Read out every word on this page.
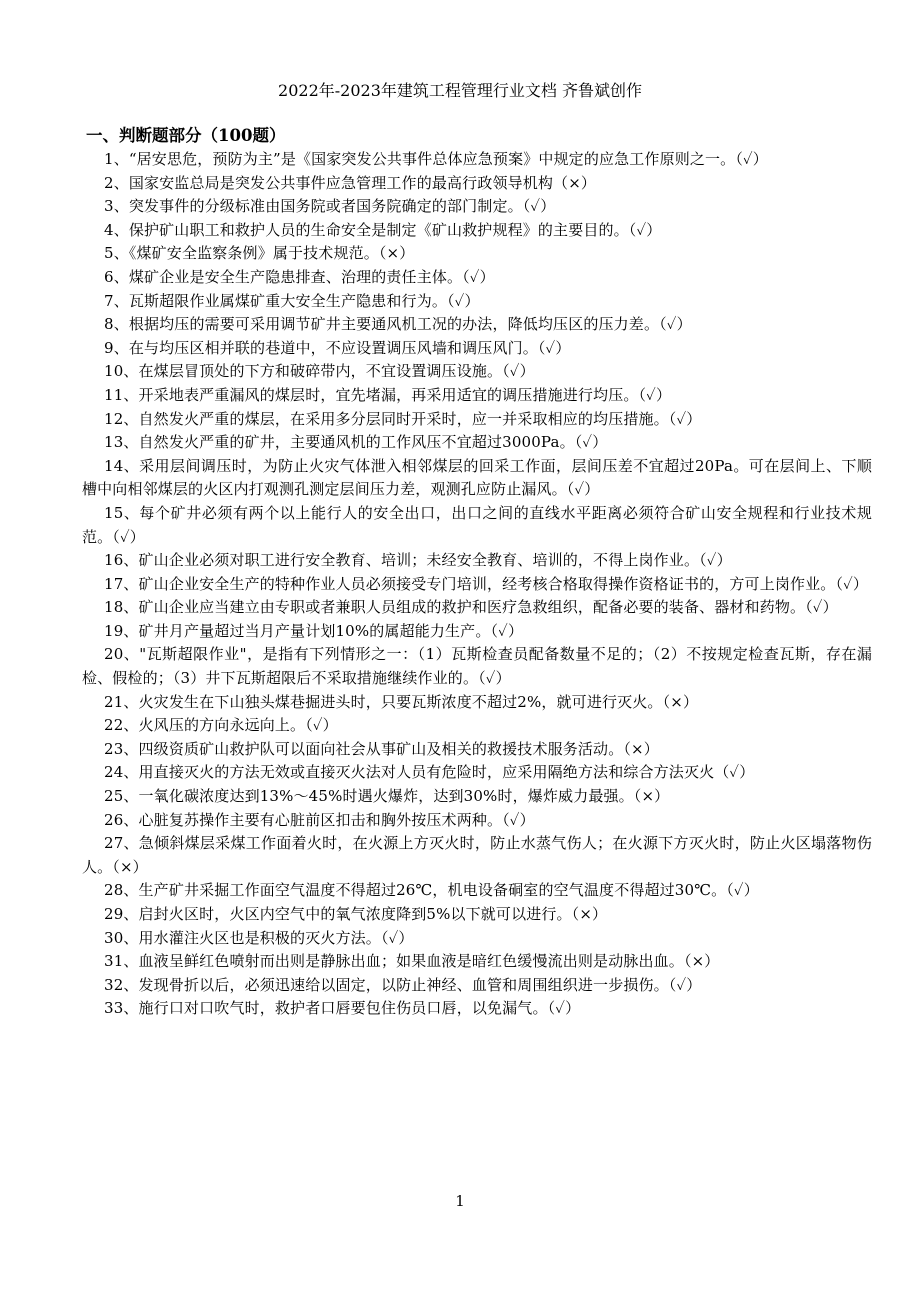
2022年-2023年建筑工程管理行业文档 齐鲁斌创作
一、判断题部分（100题）
1、“居安思危，预防为主”是《国家突发公共事件总体应急预案》中规定的应急工作原则之一。（✓）
2、国家安监总局是突发公共事件应急管理工作的最高行政领导机构（×）
3、突发事件的分级标准由国务院或者国务院确定的部门制定。（✓）
4、保护矿山职工和救护人员的生命安全是制定《矿山救护规程》的主要目的。（✓）
5、《煤矿安全监察条例》属于技术规范。（×）
6、煤矿企业是安全生产隐患排查、治理的责任主体。（✓）
7、瓦斯超限作业属煤矿重大安全生产隐患和行为。（✓）
8、根据均压的需要可采用调节矿井主要通风机工况的办法，降低均压区的压力差。（✓）
9、在与均压区相并联的巷道中，不应设置调压风墙和调压风门。（✓）
10、在煤层冒顶处的下方和破碎带内，不宜设置调压设施。（✓）
11、开采地表严重漏风的煤层时，宜先堵漏，再采用适宜的调压措施进行均压。（✓）
12、自然发火严重的煤层，在采用多分层同时开采时，应一并采取相应的均压措施。（✓）
13、自然发火严重的矿井，主要通风机的工作风压不宜超过3000Pa。（✓）
14、采用层间调压时，为防止火灾气体泄入相邻煤层的回采工作面，层间压差不宜超过20Pa。可在层间上、下顺槽中向相邻煤层的火区内打观测孔测定层间压力差，观测孔应防止漏风。（✓）
15、每个矿井必须有两个以上能行人的安全出口，出口之间的直线水平距离必须符合矿山安全规程和行业技术规范。（✓）
16、矿山企业必须对职工进行安全教育、培训；未经安全教育、培训的，不得上岗作业。（✓）
17、矿山企业安全生产的特种作业人员必须接受专门培训，经考核合格取得操作资格证书的，方可上岗作业。（✓）
18、矿山企业应当建立由专职或者兼职人员组成的救护和医疗急救组织，配备必要的装备、器材和药物。（✓）
19、矿井月产量超过当月产量计划10%的属超能力生产。（✓）
20、"瓦斯超限作业"，是指有下列情形之一：（1）瓦斯检查员配备数量不足的；（2）不按规定检查瓦斯，存在漏检、假检的；（3）井下瓦斯超限后不采取措施继续作业的。（✓）
21、火灾发生在下山独头煤巷掘进头时，只要瓦斯浓度不超过2%，就可进行灭火。（×）
22、火风压的方向永远向上。（✓）
23、四级资质矿山救护队可以面向社会从事矿山及相关的救援技术服务活动。（×）
24、用直接灭火的方法无效或直接灭火法对人员有危险时，应采用隔绝方法和综合方法灭火（✓）
25、一氧化碳浓度达到13%～45%时遇火爆炸，达到30%时，爆炸威力最强。（×）
26、心脏复苏操作主要有心脏前区扣击和胸外按压术两种。（✓）
27、急倾斜煤层采煤工作面着火时，在火源上方灭火时，防止水蒸气伤人；在火源下方灭火时，防止火区塌落物伤人。（×）
28、生产矿井采掘工作面空气温度不得超过26℃，机电设备硐室的空气温度不得超过30℃。（✓）
29、启封火区时，火区内空气中的氧气浓度降到5%以下就可以进行。（×）
30、用水灌注火区也是积极的灭火方法。（✓）
31、血液呈鲜红色喷射而出则是静脉出血；如果血液是暗红色缓慢流出则是动脉出血。（×）
32、发现骨折以后，必须迅速给以固定，以防止神经、血管和周围组织进一步损伤。（✓）
33、施行口对口吹气时，救护者口唇要包住伤员口唇，以免漏气。（✓）
1
